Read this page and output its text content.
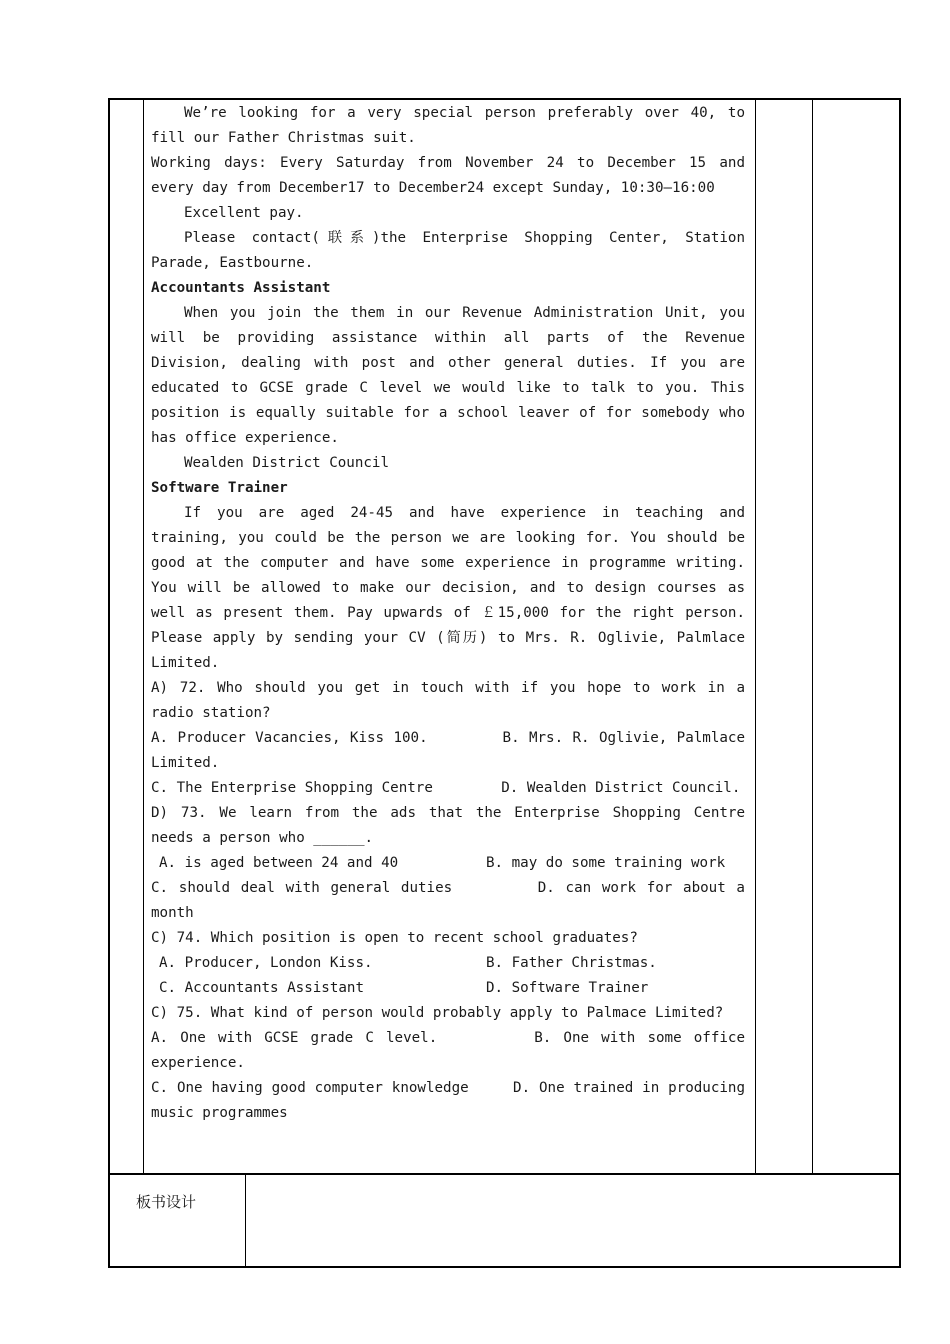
板书设计

We’re looking for a very special person preferably over 40, to fill our Father Christmas suit.

Working days: Every Saturday from November 24 to December 15 and every day from December17 to December24 except Sunday, 10:30—16:00

Excellent pay.

Please contact(联系)the Enterprise Shopping Center, Station Parade, Eastbourne.

Accountants Assistant

When you join the them in our Revenue Administration Unit, you will be providing assistance within all parts of the Revenue Division, dealing with post and other general duties. If you are educated to GCSE grade C level we would like to talk to you. This position is equally suitable for a school leaver of for somebody who has office experience.

Wealden District Council

Software Trainer

If you are aged 24-45 and have experience in teaching and training, you could be the person we are looking for. You should be good at the computer and have some experience in programme writing. You will be allowed to make our decision, and to design courses as well as present them. Pay upwards of ￡15,000 for the right person. Please apply by sending your CV (简历) to Mrs. R. Oglivie, Palmlace Limited.

A) 72. Who should you get in touch with if you hope to work in a radio station?

A. Producer Vacancies, Kiss 100.	B. Mrs. R. Oglivie, Palmlace Limited.

C. The Enterprise Shopping Centre	D. Wealden District Council.

D) 73. We learn from the ads that the Enterprise Shopping Centre needs a person who ______.

A. is aged between 24 and 40	B. may do some training work

C. should deal with general duties	D. can work for about a month

C) 74. Which position is open to recent school graduates?

A. Producer, London Kiss.	B. Father Christmas.
C. Accountants Assistant	D. Software Trainer

C) 75. What kind of person would probably apply to Palmace Limited?

A. One with GCSE grade C level.	B. One with some office experience.

C. One having good computer knowledge	D. One trained in producing music programmes
